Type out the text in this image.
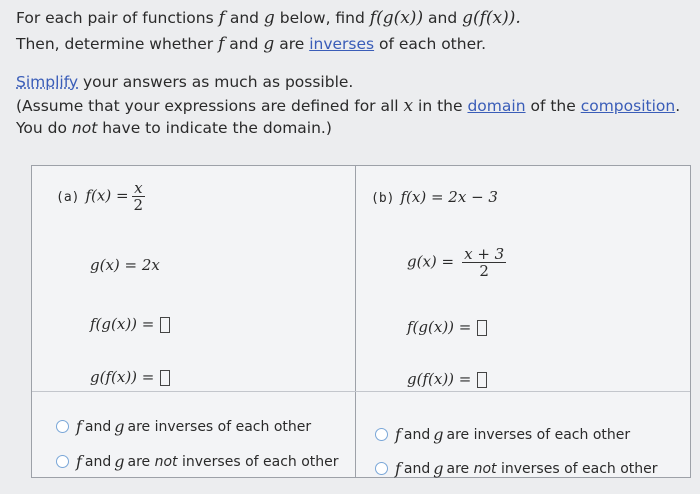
For each pair of functions f and g below, find f(g(x)) and g(f(x)).
Then, determine whether f and g are inverses of each other.
Simplify your answers as much as possible.
(Assume that your expressions are defined for all x in the domain of the composition.
You do not have to indicate the domain.)
(a) $f(x) = \frac{x}{2}$
g(x) = 2x
f(g(x)) =
g(f(x)) =
f and g are inverses of each other
f and g are
not
inverses of each other
(b) f(x) = 2x − 3
$g(x) = \frac{x + 3}{2}$
f(g(x)) =
g(f(x)) =
f and g are inverses of each other
f and g are
not
inverses of each other
